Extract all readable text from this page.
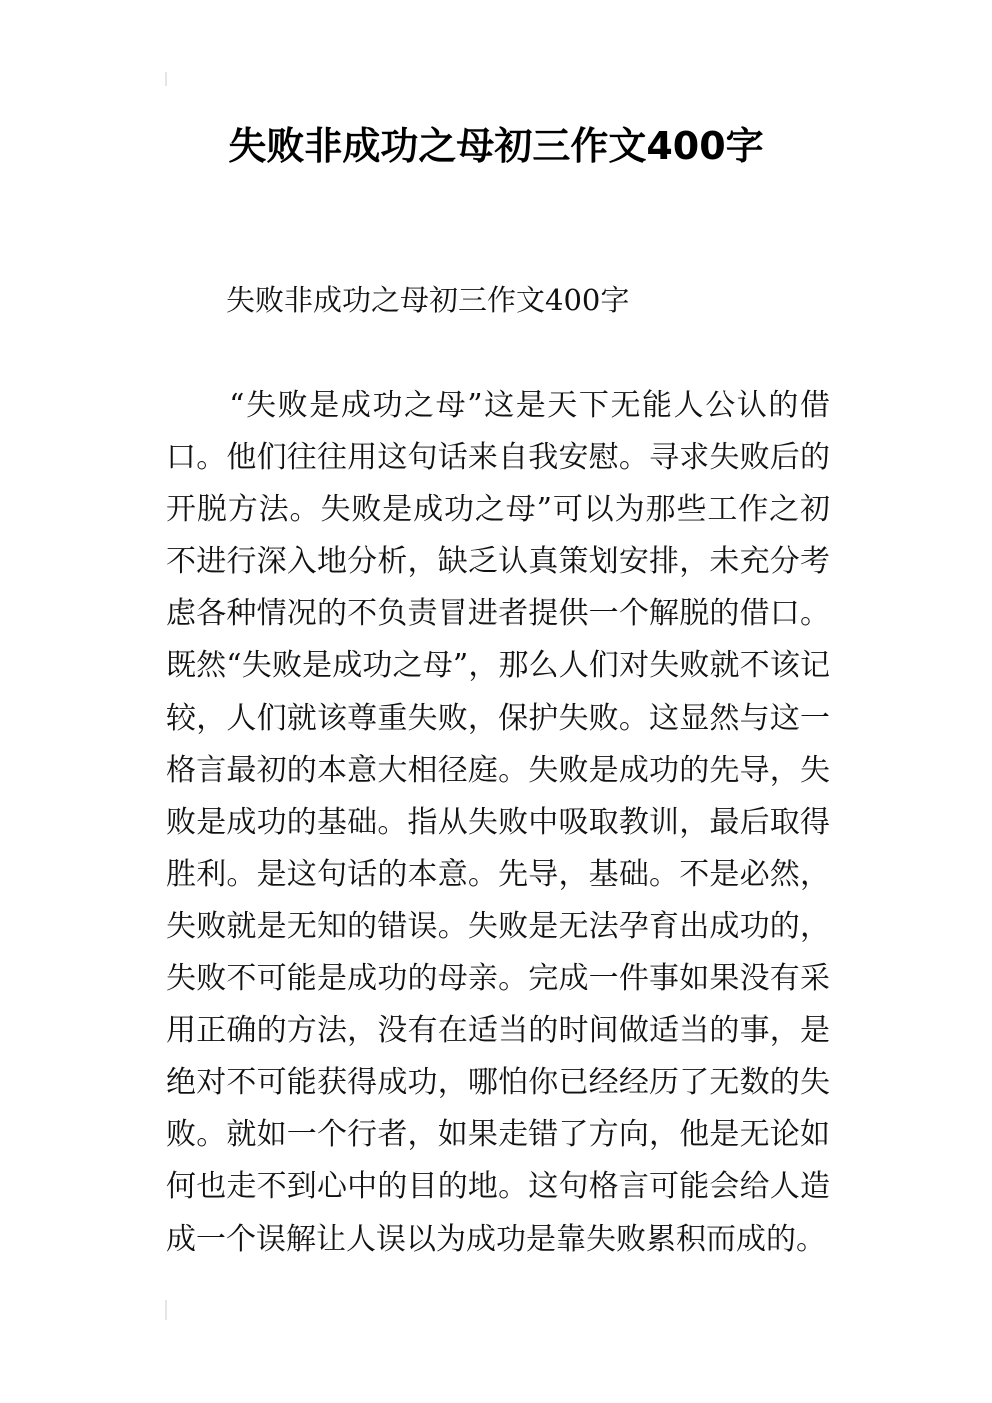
失败非成功之母初三作文400字
失败非成功之母初三作文400字
　　“失败是成功之母”这是天下无能人公认的借
口。他们往往用这句话来自我安慰。寻求失败后的
开脱方法。失败是成功之母”可以为那些工作之初
不进行深入地分析，缺乏认真策划安排，未充分考
虑各种情况的不负责冒进者提供一个解脱的借口。
既然“失败是成功之母”，那么人们对失败就不该记
较，人们就该尊重失败，保护失败。这显然与这一
格言最初的本意大相径庭。失败是成功的先导，失
败是成功的基础。指从失败中吸取教训，最后取得
胜利。是这句话的本意。先导，基础。不是必然，
失败就是无知的错误。失败是无法孕育出成功的，
失败不可能是成功的母亲。完成一件事如果没有采
用正确的方法，没有在适当的时间做适当的事，是
绝对不可能获得成功，哪怕你已经经历了无数的失
败。就如一个行者，如果走错了方向，他是无论如
何也走不到心中的目的地。这句格言可能会给人造
成一个误解让人误以为成功是靠失败累积而成的。
